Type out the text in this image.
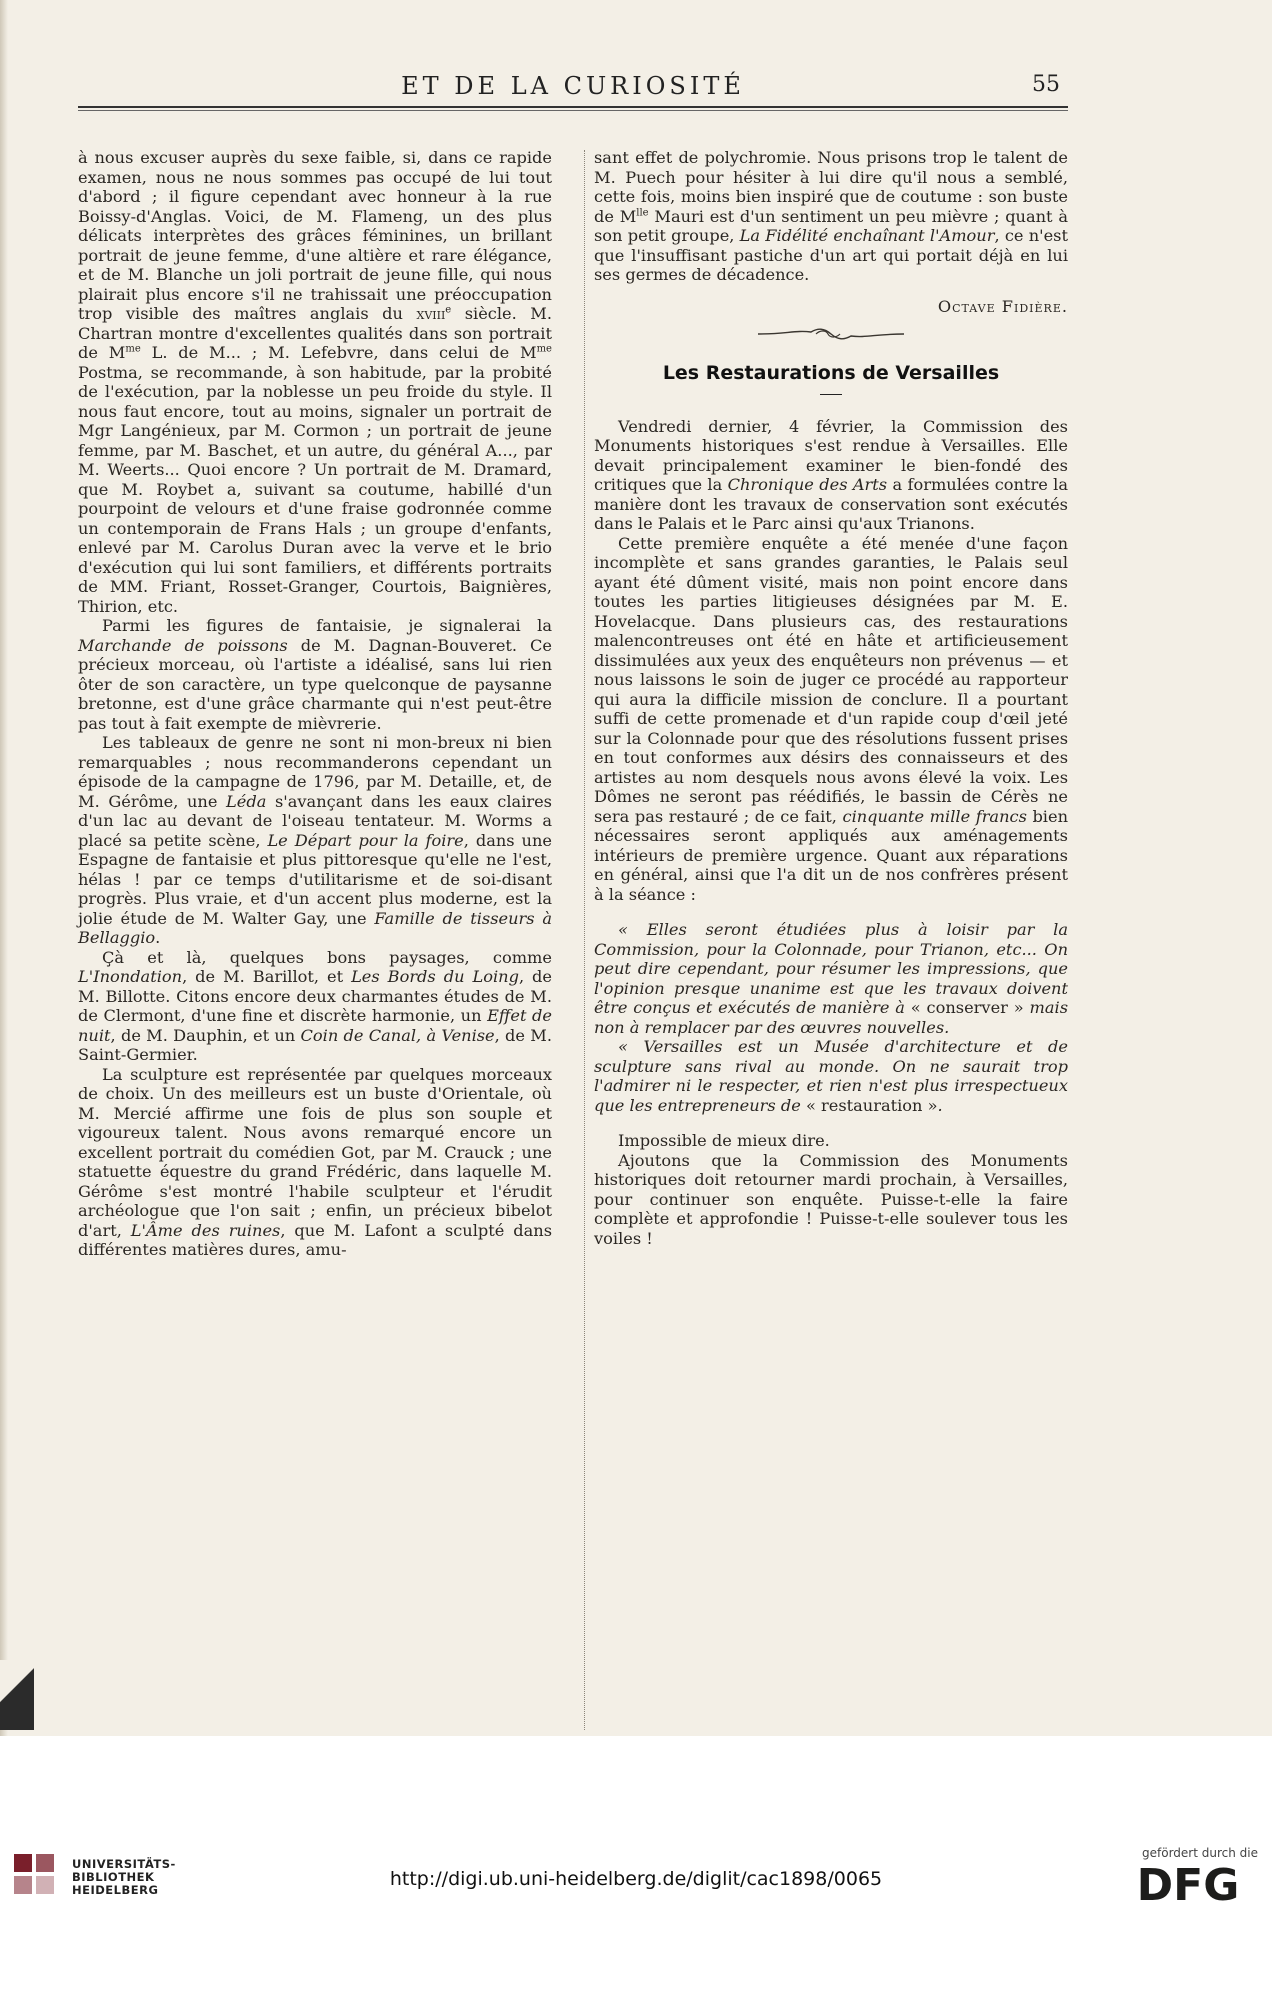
ET DE LA CURIOSITÉ	55

à nous excuser auprès du sexe faible, si, dans ce rapide examen, nous ne nous sommes pas occupé de lui tout d'abord ; il figure cependant avec honneur à la rue Boissy-d'Anglas. Voici, de M. Flameng, un des plus délicats interprètes des grâces féminines, un brillant portrait de jeune femme, d'une altière et rare élégance, et de M. Blanche un joli portrait de jeune fille, qui nous plairait plus encore s'il ne trahissait une préoccupation trop visible des maîtres anglais du xviii$^e$ siècle. M. Chartran montre d'excellentes qualités dans son portrait de $M^{me}$ L. de M... ; M. Lefebvre, dans celui de $M^{me}$ Postma, se recommande, à son habitude, par la probité de l'exécution, par la noblesse un peu froide du style. Il nous faut encore, tout au moins, signaler un portrait de Mgr Langénieux, par M. Cormon ; un portrait de jeune femme, par M. Baschet, et un autre, du général A..., par M. Weerts... Quoi encore ? Un portrait de M. Dramard, que M. Roybet a, suivant sa coutume, habillé d'un pourpoint de velours et d'une fraise godronnée comme un contemporain de Frans Hals ; un groupe d'enfants, enlevé par M. Carolus Duran avec la verve et le brio d'exécution qui lui sont familiers, et différents portraits de MM. Friant, Rosset-Granger, Courtois, Baignières, Thirion, etc.

Parmi les figures de fantaisie, je signalerai la Marchande de poissons de M. Dagnan-Bouveret. Ce précieux morceau, où l'artiste a idéalisé, sans lui rien ôter de son caractère, un type quelconque de paysanne bretonne, est d'une grâce charmante qui n'est peut-être pas tout à fait exempte de mièvrerie.

Les tableaux de genre ne sont ni mon-breux ni bien remarquables ; nous recommanderons cependant un épisode de la campagne de 1796, par M. Detaille, et, de M. Gérôme, une Léda s'avançant dans les eaux claires d'un lac au devant de l'oiseau tentateur. M. Worms a placé sa petite scène, Le Départ pour la foire, dans une Espagne de fantaisie et plus pittoresque qu'elle ne l'est, hélas ! par ce temps d'utilitarisme et de soi-disant progrès. Plus vraie, et d'un accent plus moderne, est la jolie étude de M. Walter Gay, une Famille de tisseurs à Bellaggio.

Çà et là, quelques bons paysages, comme L'Inondation, de M. Barillot, et Les Bords du Loing, de M. Billotte. Citons encore deux charmantes études de M. de Clermont, d'une fine et discrète harmonie, un Effet de nuit, de M. Dauphin, et un Coin de Canal, à Venise, de M. Saint-Germier.

La sculpture est représentée par quelques morceaux de choix. Un des meilleurs est un buste d'Orientale, où M. Mercié affirme une fois de plus son souple et vigoureux talent. Nous avons remarqué encore un excellent portrait du comédien Got, par M. Crauck ; une statuette équestre du grand Frédéric, dans laquelle M. Gérôme s'est montré l'habile sculpteur et l'érudit archéologue que l'on sait ; enfin, un précieux bibelot d'art, L'Âme des ruines, que M. Lafont a sculpté dans différentes matières dures, amu-

sant effet de polychromie. Nous prisons trop le talent de M. Puech pour hésiter à lui dire qu'il nous a semblé, cette fois, moins bien inspiré que de coutume : son buste de $M^{lle}$ Mauri est d'un sentiment un peu mièvre ; quant à son petit groupe, La Fidélité enchaînant l'Amour, ce n'est que l'insuffisant pastiche d'un art qui portait déjà en lui ses germes de décadence.

Octave Fidière.
Les Restaurations de Versailles

Vendredi dernier, 4 février, la Commission des Monuments historiques s'est rendue à Versailles. Elle devait principalement examiner le bien-fondé des critiques que la Chronique des Arts a formulées contre la manière dont les travaux de conservation sont exécutés dans le Palais et le Parc ainsi qu'aux Trianons.

Cette première enquête a été menée d'une façon incomplète et sans grandes garanties, le Palais seul ayant été dûment visité, mais non point encore dans toutes les parties litigieuses désignées par M. E. Hovelacque. Dans plusieurs cas, des restaurations malencontreuses ont été en hâte et artificieusement dissimulées aux yeux des enquêteurs non prévenus — et nous laissons le soin de juger ce procédé au rapporteur qui aura la difficile mission de conclure. Il a pourtant suffi de cette promenade et d'un rapide coup d'œil jeté sur la Colonnade pour que des résolutions fussent prises en tout conformes aux désirs des connaisseurs et des artistes au nom desquels nous avons élevé la voix. Les Dômes ne seront pas réédifiés, le bassin de Cérès ne sera pas restauré ; de ce fait, cinquante mille francs bien nécessaires seront appliqués aux aménagements intérieurs de première urgence. Quant aux réparations en général, ainsi que l'a dit un de nos confrères présent à la séance :

« Elles seront étudiées plus à loisir par la Commission, pour la Colonnade, pour Trianon, etc... On peut dire cependant, pour résumer les impressions, que l'opinion presque unanime est que les travaux doivent être conçus et exécutés de manière à « conserver » mais non à remplacer par des œuvres nouvelles.

« Versailles est un Musée d'architecture et de sculpture sans rival au monde. On ne saurait trop l'admirer ni le respecter, et rien n'est plus irrespectueux que les entrepreneurs de « restauration ».

Impossible de mieux dire.

Ajoutons que la Commission des Monuments historiques doit retourner mardi prochain, à Versailles, pour continuer son enquête. Puisse-t-elle la faire complète et approfondie ! Puisse-t-elle soulever tous les voiles !

UNIVERSITÄTS-
BIBLIOTHEK
HEIDELBERG	http://digi.ub.uni-heidelberg.de/diglit/cac1898/0065
gefördert durch die
DFG
